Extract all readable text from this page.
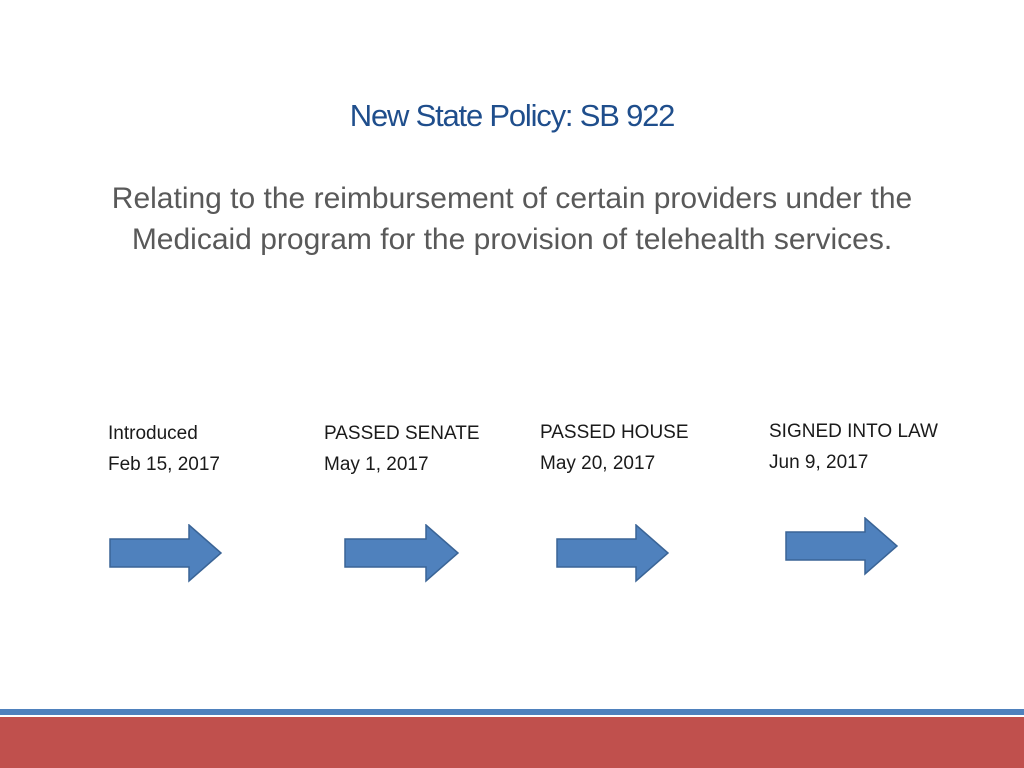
New State Policy: SB 922

Relating to the reimbursement of certain providers under the Medicaid program for the provision of telehealth services.

Introduced
Feb 15, 2017
PASSED SENATE
May 1, 2017
PASSED HOUSE
May 20, 2017
SIGNED INTO LAW
Jun 9, 2017
